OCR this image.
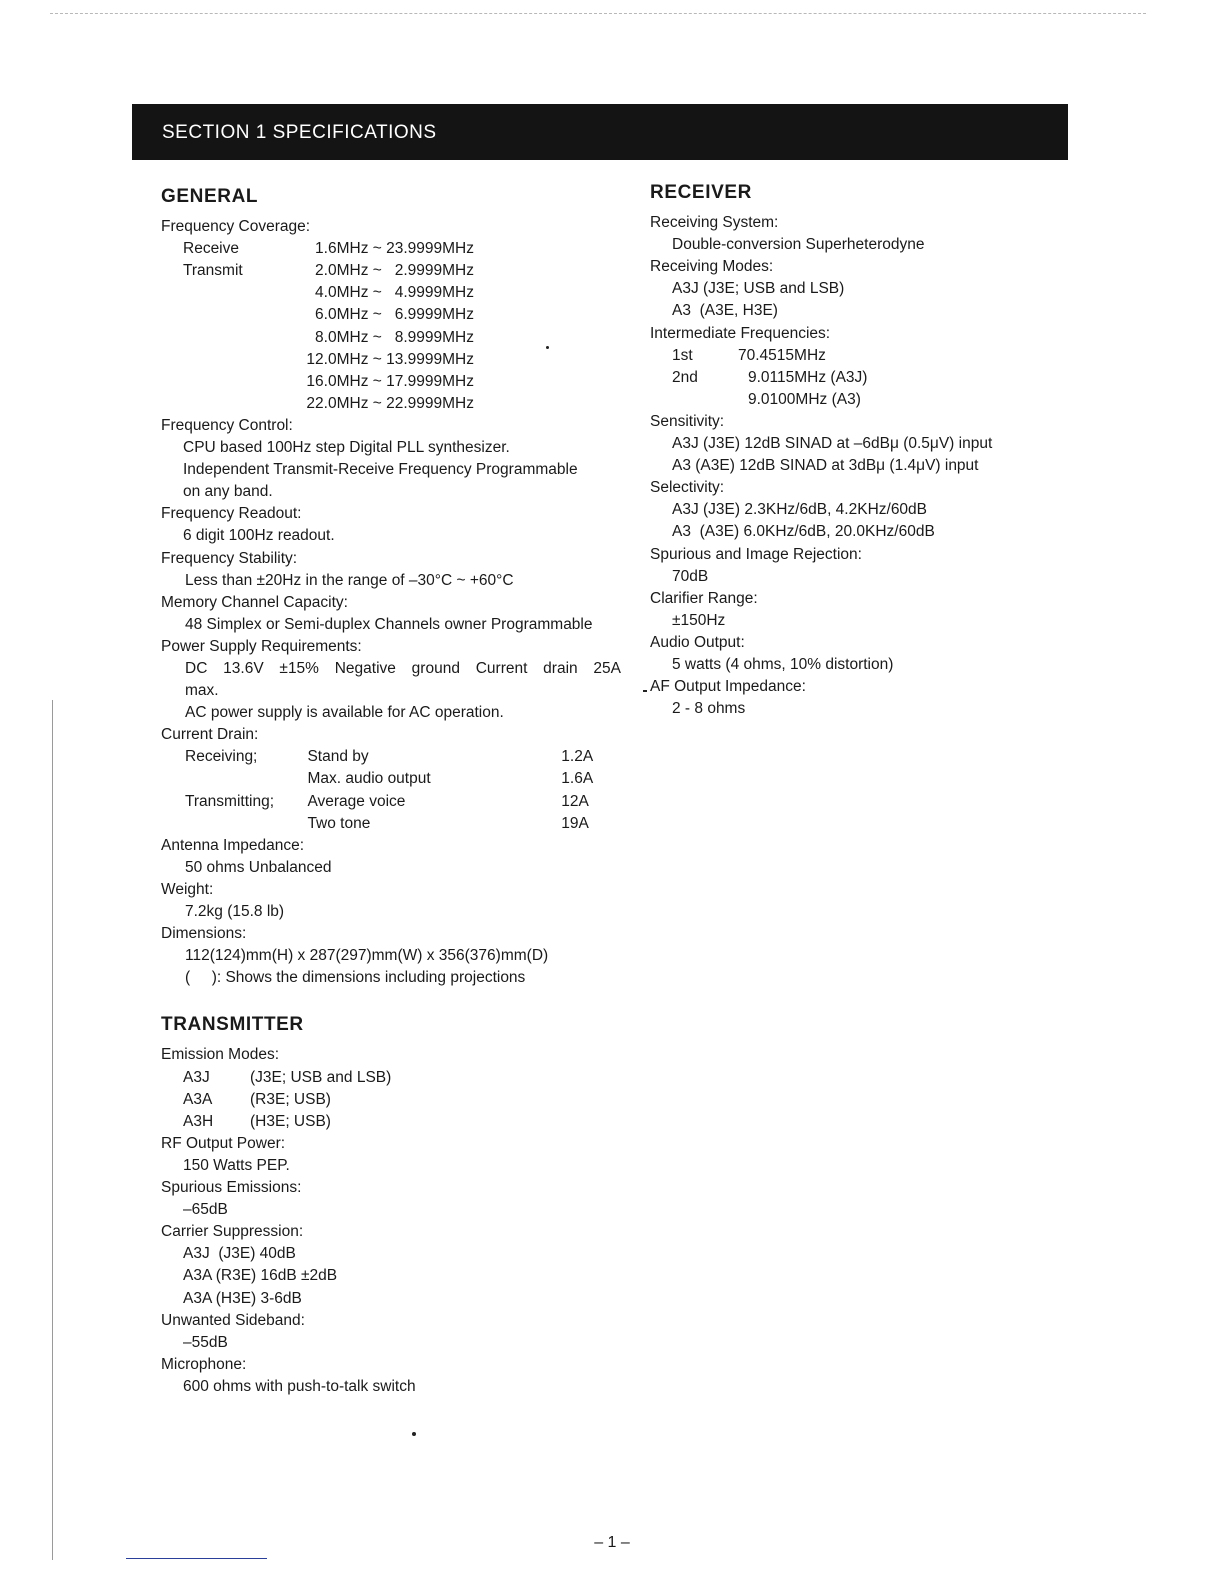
SECTION 1 SPECIFICATIONS
GENERAL
Frequency Coverage:
Receive	1.6MHz ~ 23.9999MHz
Transmit	2.0MHz ~   2.9999MHz
4.0MHz ~   4.9999MHz
6.0MHz ~   6.9999MHz
8.0MHz ~   8.9999MHz
12.0MHz ~ 13.9999MHz
16.0MHz ~ 17.9999MHz
22.0MHz ~ 22.9999MHz
Frequency Control:
CPU based 100Hz step Digital PLL synthesizer.
Independent Transmit-Receive Frequency Programmable
on any band.
Frequency Readout:
6 digit 100Hz readout.
Frequency Stability:
Less than ±20Hz in the range of –30°C ~ +60°C
Memory Channel Capacity:
48 Simplex or Semi-duplex Channels owner Programmable
Power Supply Requirements:
DC 13.6V ±15% Negative ground Current drain 25A
max.
AC power supply is available for AC operation.
Current Drain:
Receiving;	Stand by	1.2A
Max. audio output	1.6A
Transmitting;	Average voice	12A
Two tone	19A
Antenna Impedance:
50 ohms Unbalanced
Weight:
7.2kg (15.8 lb)
Dimensions:
112(124)mm(H) x 287(297)mm(W) x 356(376)mm(D)
(     ): Shows the dimensions including projections
TRANSMITTER
Emission Modes:
A3J	(J3E; USB and LSB)
A3A	(R3E; USB)
A3H	(H3E; USB)
RF Output Power:
150 Watts PEP.
Spurious Emissions:
–65dB
Carrier Suppression:
A3J  (J3E) 40dB
A3A (R3E) 16dB ±2dB
A3A (H3E) 3-6dB
Unwanted Sideband:
–55dB
Microphone:
600 ohms with push-to-talk switch
RECEIVER
Receiving System:
Double-conversion Superheterodyne
Receiving Modes:
A3J (J3E; USB and LSB)
A3  (A3E, H3E)
Intermediate Frequencies:
1st	70.4515MHz
2nd	9.0115MHz (A3J)
9.0100MHz (A3)
Sensitivity:
A3J (J3E) 12dB SINAD at –6dBμ (0.5μV) input
A3 (A3E) 12dB SINAD at 3dBμ (1.4μV) input
Selectivity:
A3J (J3E) 2.3KHz/6dB, 4.2KHz/60dB
A3  (A3E) 6.0KHz/6dB, 20.0KHz/60dB
Spurious and Image Rejection:
70dB
Clarifier Range:
±150Hz
Audio Output:
5 watts (4 ohms, 10% distortion)
AF Output Impedance:
2 - 8 ohms
– 1 –
